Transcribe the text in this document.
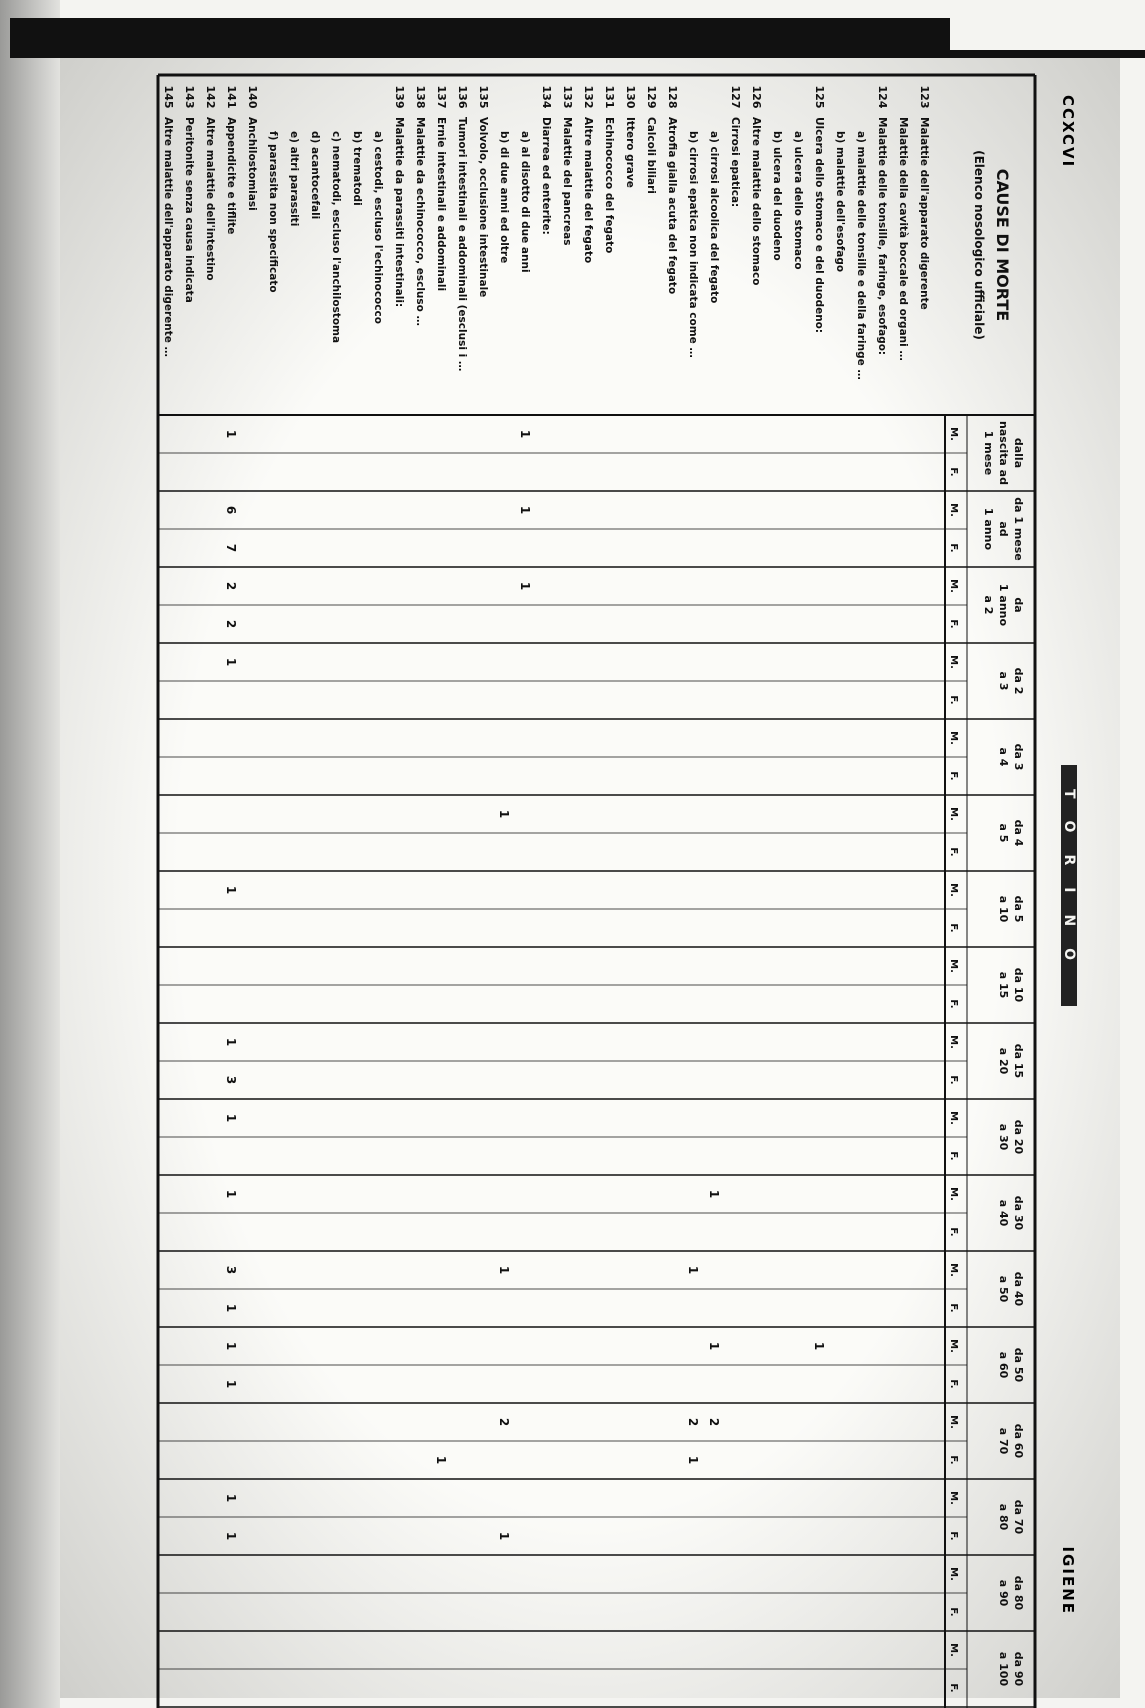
CCXCVI
TORINO
IGIENE
CAUSE DI MORTE
(Elenco nosologico ufficiale)
dalla
nascita ad
1 mese
M.
F.
da 1 mese
ad
1 anno
M.
F.
da
1 anno
a 2
M.
F.
da 2
a 3
M.
F.
da 3
a 4
M.
F.
da 4
a 5
M.
F.
da 5
a 10
M.
F.
da 10
a 15
M.
F.
da 15
a 20
M.
F.
da 20
a 30
M.
F.
da 30
a 40
M.
F.
da 40
a 50
M.
F.
da 50
a 60
M.
F.
da 60
a 70
M.
F.
da 70
a 80
M.
F.
da 80
a 90
M.
F.
da 90
a 100
M.
F.
123
Malattie dell'apparato digerente
Malattie della cavità boccale ed organi …
124
Malattie delle tonsille, faringe, esofago:
a) malattie delle tonsille e della faringe …
b) malattie dell'esofago
125
Ulcera dello stomaco e del duodeno:
1
a) ulcera dello stomaco
b) ulcera del duodeno
126
Altre malattie dello stomaco
127
Cirrosi epatica:
a) cirrosi alcoolica del fegato
1
1
2
b) cirrosi epatica non indicata come …
1
2
1
128
Atrofia gialla acuta del fegato
129
Calcoli biliari
130
Ittero grave
131
Echinococco del fegato
132
Altre malattie del fegato
133
Malattie del pancreas
134
Diarrea ed enterite:
a) al disotto di due anni
1
1
1
b) di due anni ed oltre
1
1
2
1
135
Volvolo, occlusione intestinale
136
Tumori intestinali e addominali (esclusi i …
137
Ernie intestinali e addominali
1
138
Malattie da echinococco, escluso …
139
Malattie da parassiti intestinali:
a) cestodi, escluso l'echinococco
b) trematodi
c) nematodi, escluso l'anchilostoma
d) acantocefali
e) altri parassiti
f) parassita non specificato
140
Anchilostomiasi
141
Appendicite e tiflite
1
6
7
2
2
1
1
1
3
1
1
3
1
1
1
1
1
142
Altre malattie dell'intestino
143
Peritonite senza causa indicata
145
Altre malattie dell'apparato digerente …
